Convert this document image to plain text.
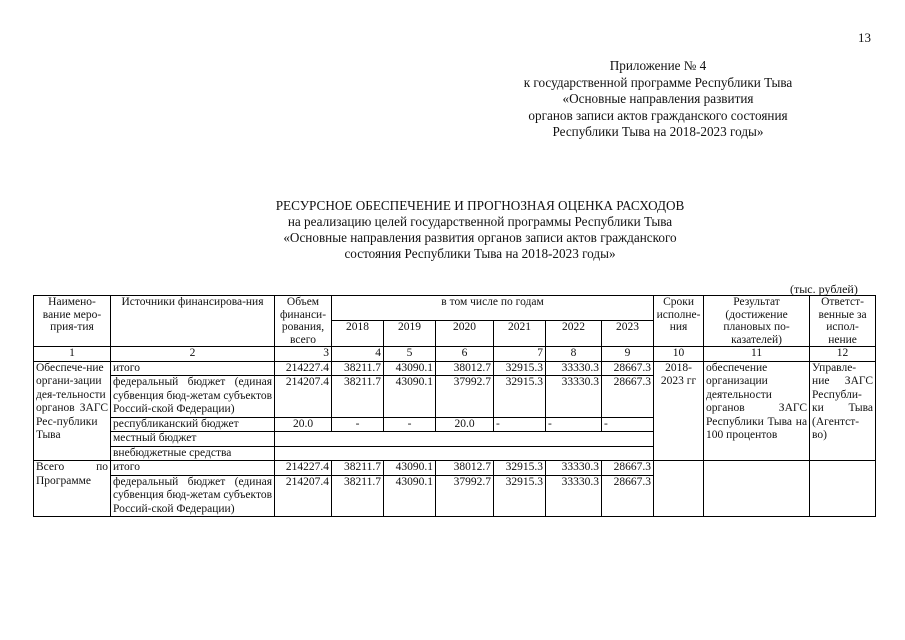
13
Приложение № 4
к государственной программе Республики Тыва
«Основные направления развития
органов записи актов гражданского состояния
Республики Тыва на 2018-2023 годы»
РЕСУРСНОЕ ОБЕСПЕЧЕНИЕ И ПРОГНОЗНАЯ ОЦЕНКА РАСХОДОВ
на реализацию целей государственной программы Республики Тыва
«Основные направления развития органов записи актов гражданского
состояния Республики Тыва на 2018-2023 годы»
(тыс. рублей)
Наимено-вание мероприя-тия	Источники финансирова-ния	Объем финанси-рования, всего	в том числе по годам						Сроки исполне-ния	Результат (достижение плановых по-казателей)	Ответст-венные за испол-нение
			2018	2019	2020	2021	2022	2023			
1	2	3	4	5	6	7	8	9	10	11	12
Обеспече-ние органи-зации дея-тельности органов ЗАГС Рес-публики Тыва	итого	214227.4	38211.7	43090.1	38012.7	32915.3	33330.3	28667.3	2018-2023 гг	обеспечение организации деятельности органов ЗАГС Республики Тыва на 100 процентов	Управле-ние ЗАГС Республи-ки Тыва (Агентст-во)
	федеральный бюджет (единая субвенция бюд-жетам субъектов Россий-ской Федерации)	214207.4	38211.7	43090.1	37992.7	32915.3	33330.3	28667.3			
	республиканский бюджет	20.0	-	-	20.0	-	-	-			
	местный бюджет										
	внебюджетные средства										
Всего по Программе	итого	214227.4	38211.7	43090.1	38012.7	32915.3	33330.3	28667.3			
	федеральный бюджет (единая субвенция бюд-жетам субъектов Россий-ской Федерации)	214207.4	38211.7	43090.1	37992.7	32915.3	33330.3	28667.3			
